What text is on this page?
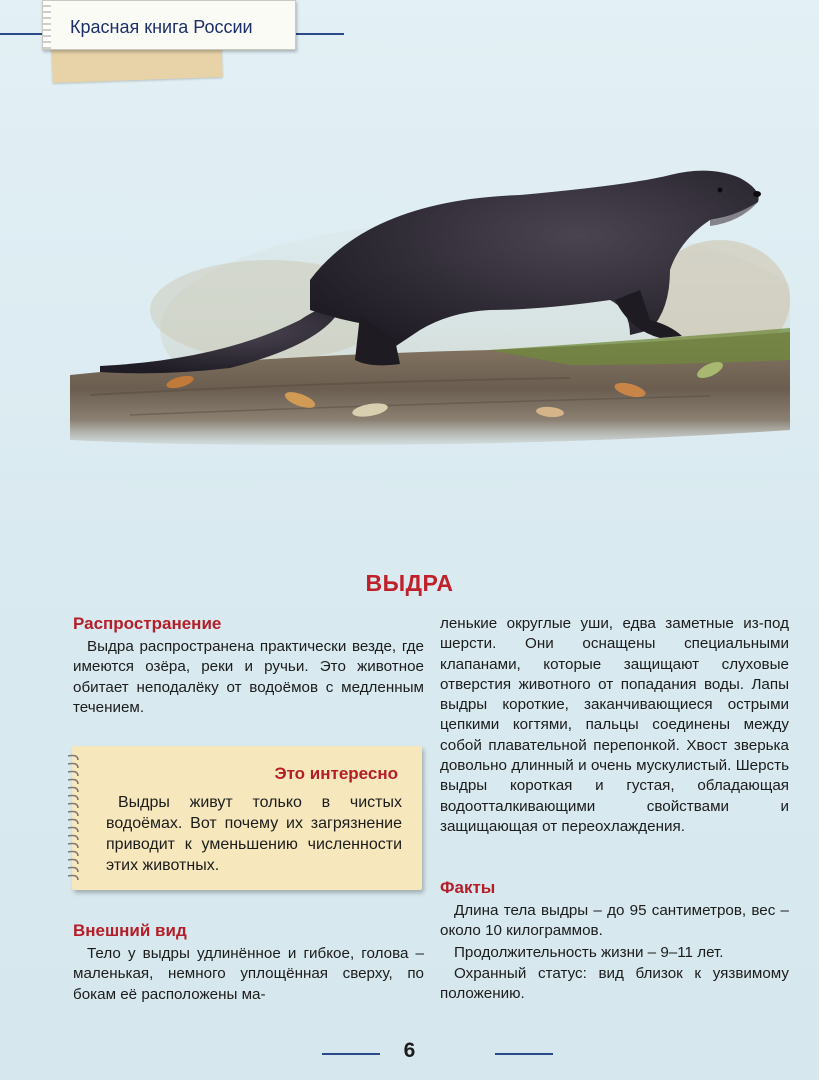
Красная книга России
ВЫДРА
Распространение

Выдра распространена практически везде, где имеются озёра, реки и ручьи. Это животное обитает неподалёку от водоёмов с медленным течением.

Это интересно

Выдры живут только в чистых водоёмах. Вот почему их загрязнение приводит к уменьшению численности этих животных.

Внешний вид

Тело у выдры удлинённое и гибкое, голова – маленькая, немного уплощённая сверху, по бокам её расположены ма-

ленькие округлые уши, едва заметные из-под шерсти. Они оснащены специальными клапанами, которые защищают слуховые отверстия животного от попадания воды. Лапы выдры короткие, заканчивающиеся острыми цепкими когтями, пальцы соединены между собой плавательной перепонкой. Хвост зверька довольно длинный и очень мускулистый. Шерсть выдры короткая и густая, обладающая водоотталкивающими свойствами и защищающая от переохлаждения.

Факты

Длина тела выдры – до 95 сантиметров, вес – около 10 килограммов.

Продолжительность жизни – 9–11 лет.

Охранный статус: вид близок к уязвимому положению.

6
